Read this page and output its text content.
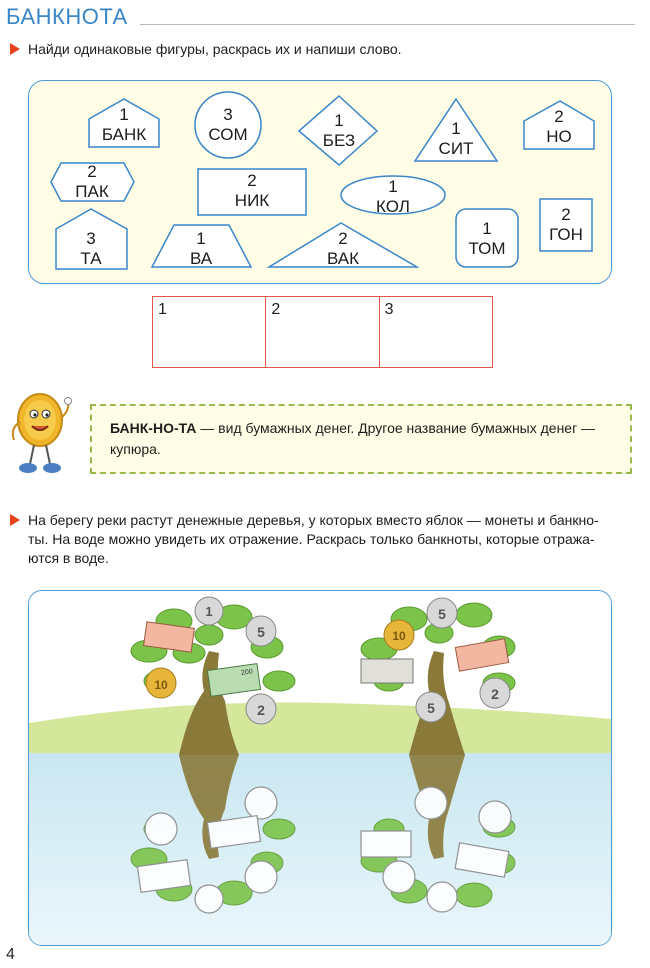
БАНКНОТА
Найди одинаковые фигуры, раскрась их и напиши слово.
1
БАНК
3
СОМ
1
БЕЗ
1
СИТ
2
НО
2
ПАК
2
НИК
1
КОЛ
1
ТОМ
2
ГОН
3
ТА
1
ВА
2
ВАК
1	2	3
БАНК-НО-ТА — вид бумажных денег. Другое название бумажных денег — купюра.
На берегу реки растут денежные деревья, у которых вместо яблок — монеты и банкно-
ты. На воде можно увидеть их отражение. Раскрась только банкноты, которые отража-
ются в воде.
200
1
5
10
2
10
5
5
2
4
